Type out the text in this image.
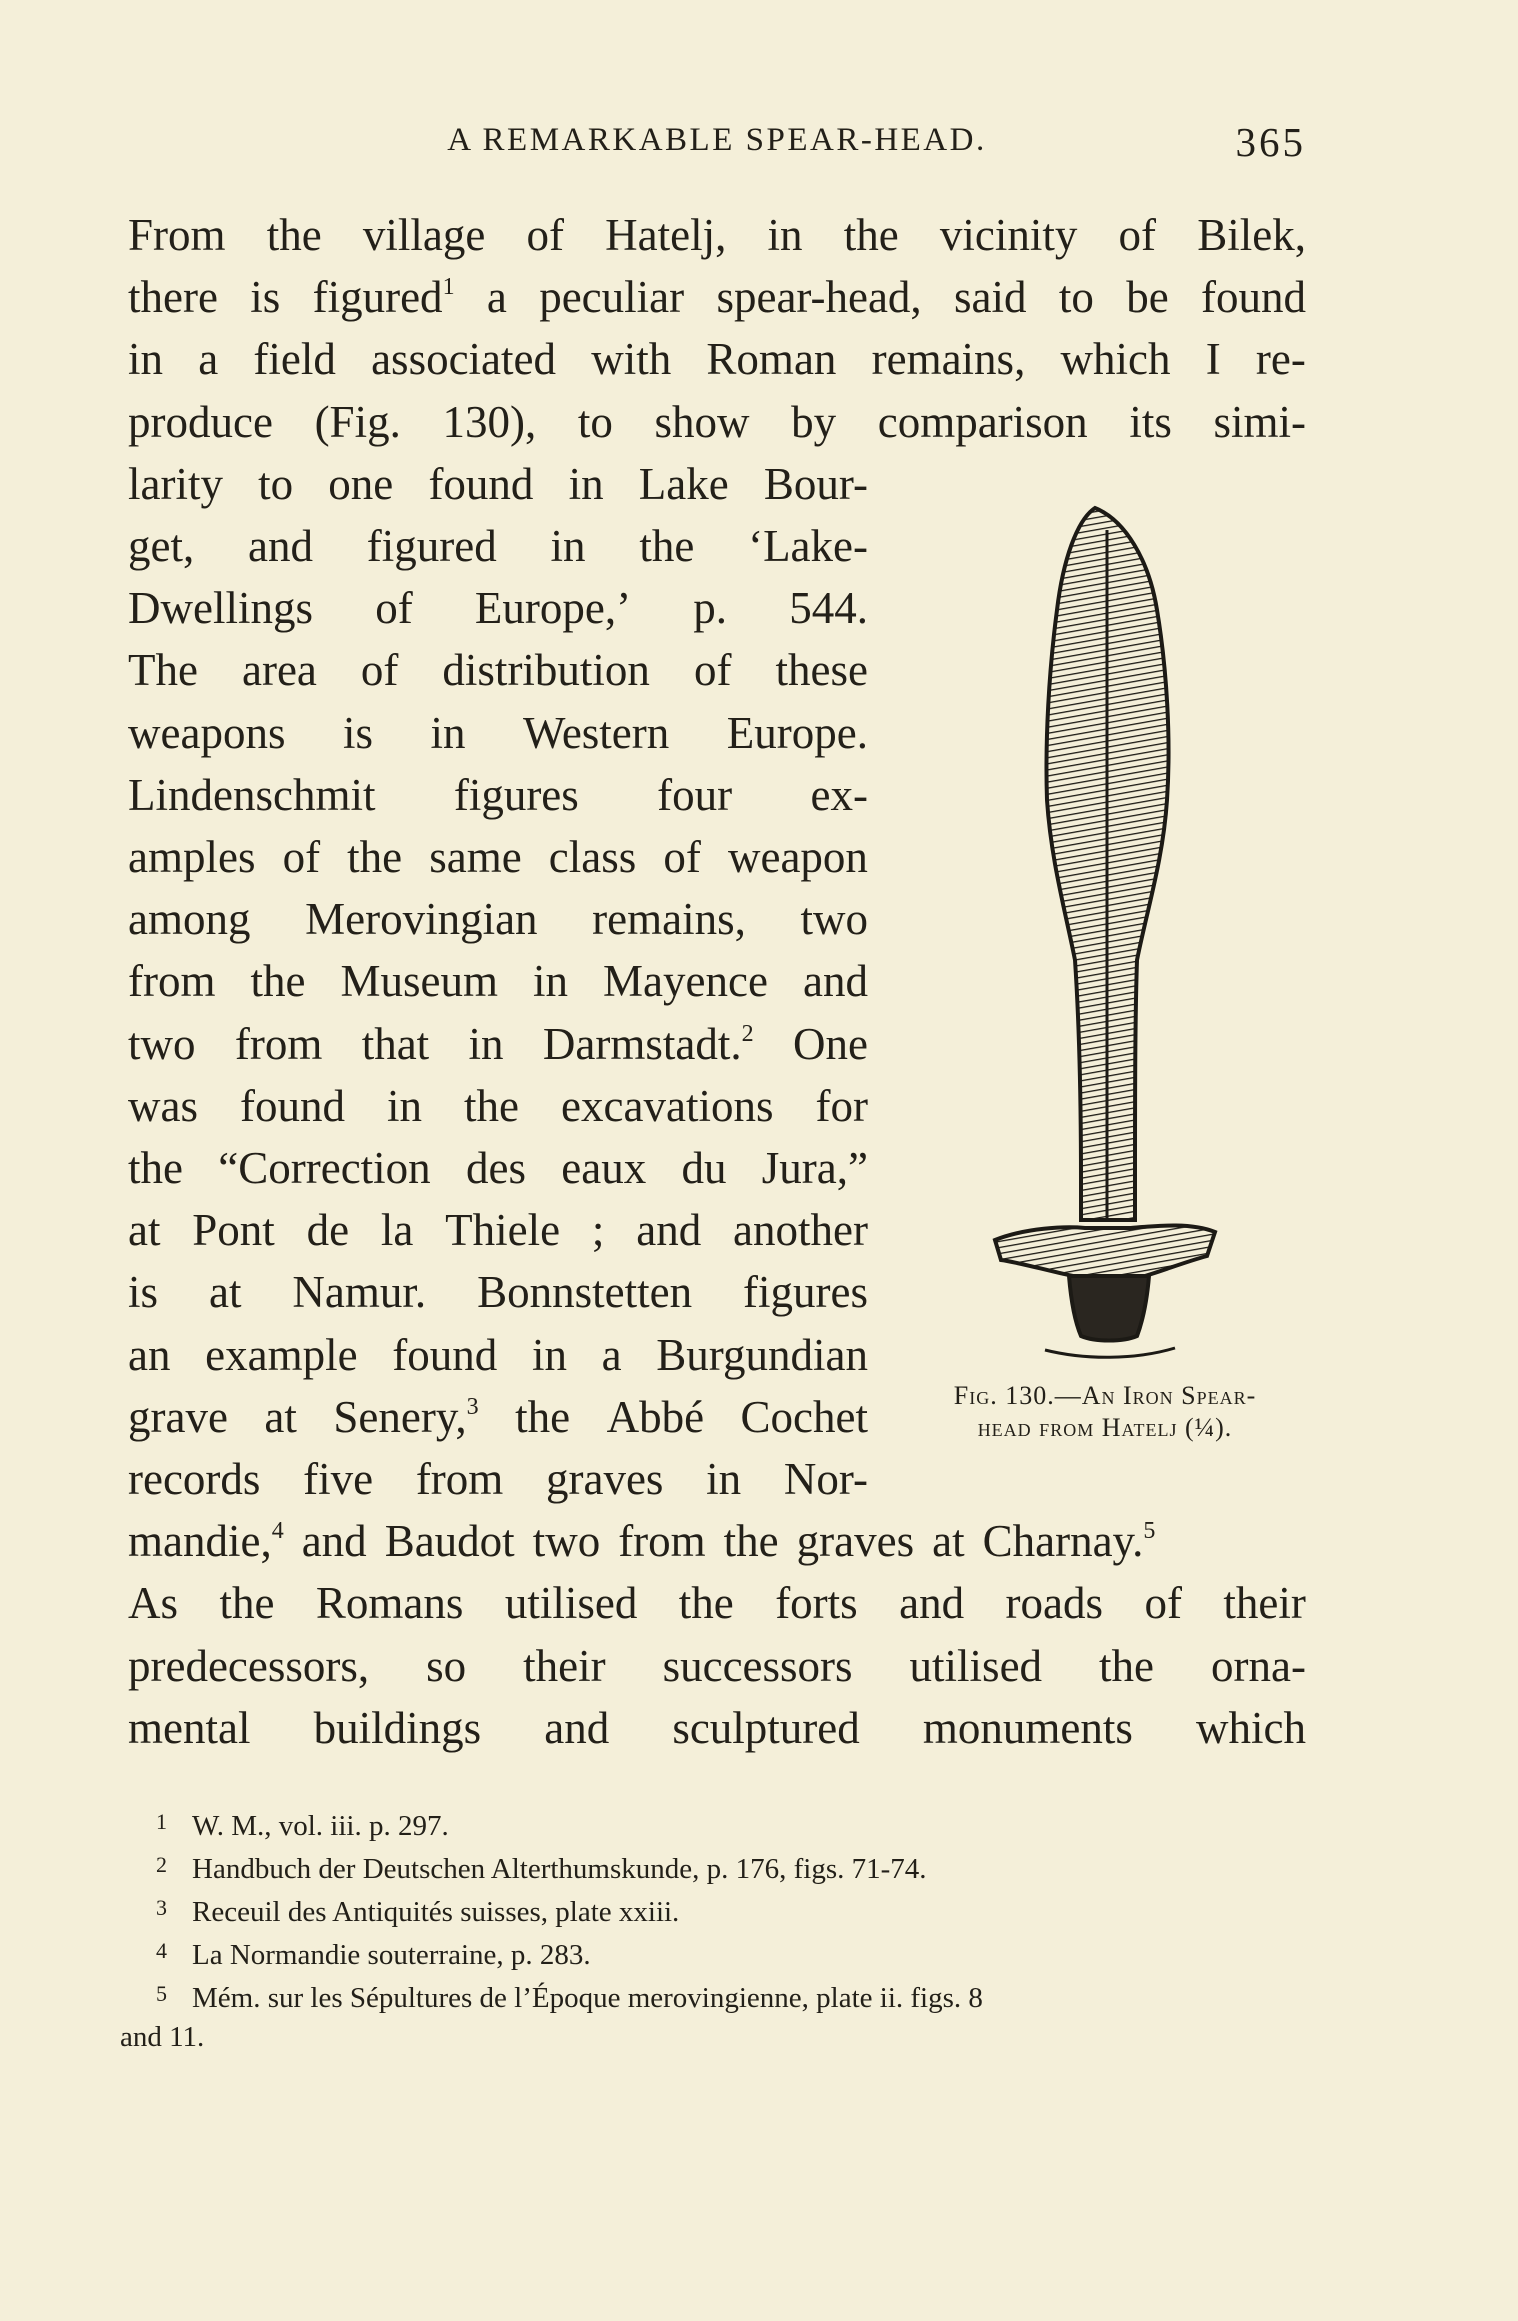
A REMARKABLE SPEAR-HEAD.	365
From the village of Hatelj, in the vicinity of Bilek,
there is figured$^1$ a peculiar spear-head, said to be found
in a field associated with Roman remains, which I re-
produce (Fig. 130), to show by comparison its simi-
larity to one found in Lake Bour-
get, and figured in the ‘Lake-
Dwellings of Europe,’ p. 544.
The area of distribution of these
weapons is in Western Europe.
Lindenschmit figures four ex-
amples of the same class of weapon
among Merovingian remains, two
from the Museum in Mayence and
two from that in Darmstadt.$^2$ One
was found in the excavations for
the “Correction des eaux du Jura,”
at Pont de la Thiele ; and another
is at Namur. Bonnstetten figures
an example found in a Burgundian
grave at Senery,$^3$ the Abbé Cochet
records five from graves in Nor-
mandie,$^4$ and Baudot two from the graves at Charnay.$^5$
As the Romans utilised the forts and roads of their
predecessors, so their successors utilised the orna-
mental buildings and sculptured monuments which
Fig. 130.—An Iron Spear-
head from Hatelj (¼).
1 W. M., vol. iii. p. 297.
2 Handbuch der Deutschen Alterthumskunde, p. 176, figs. 71-74.
3 Receuil des Antiquités suisses, plate xxiii.
4 La Normandie souterraine, p. 283.
5 Mém. sur les Sépultures de l’Époque merovingienne, plate ii. figs. 8
and 11.
